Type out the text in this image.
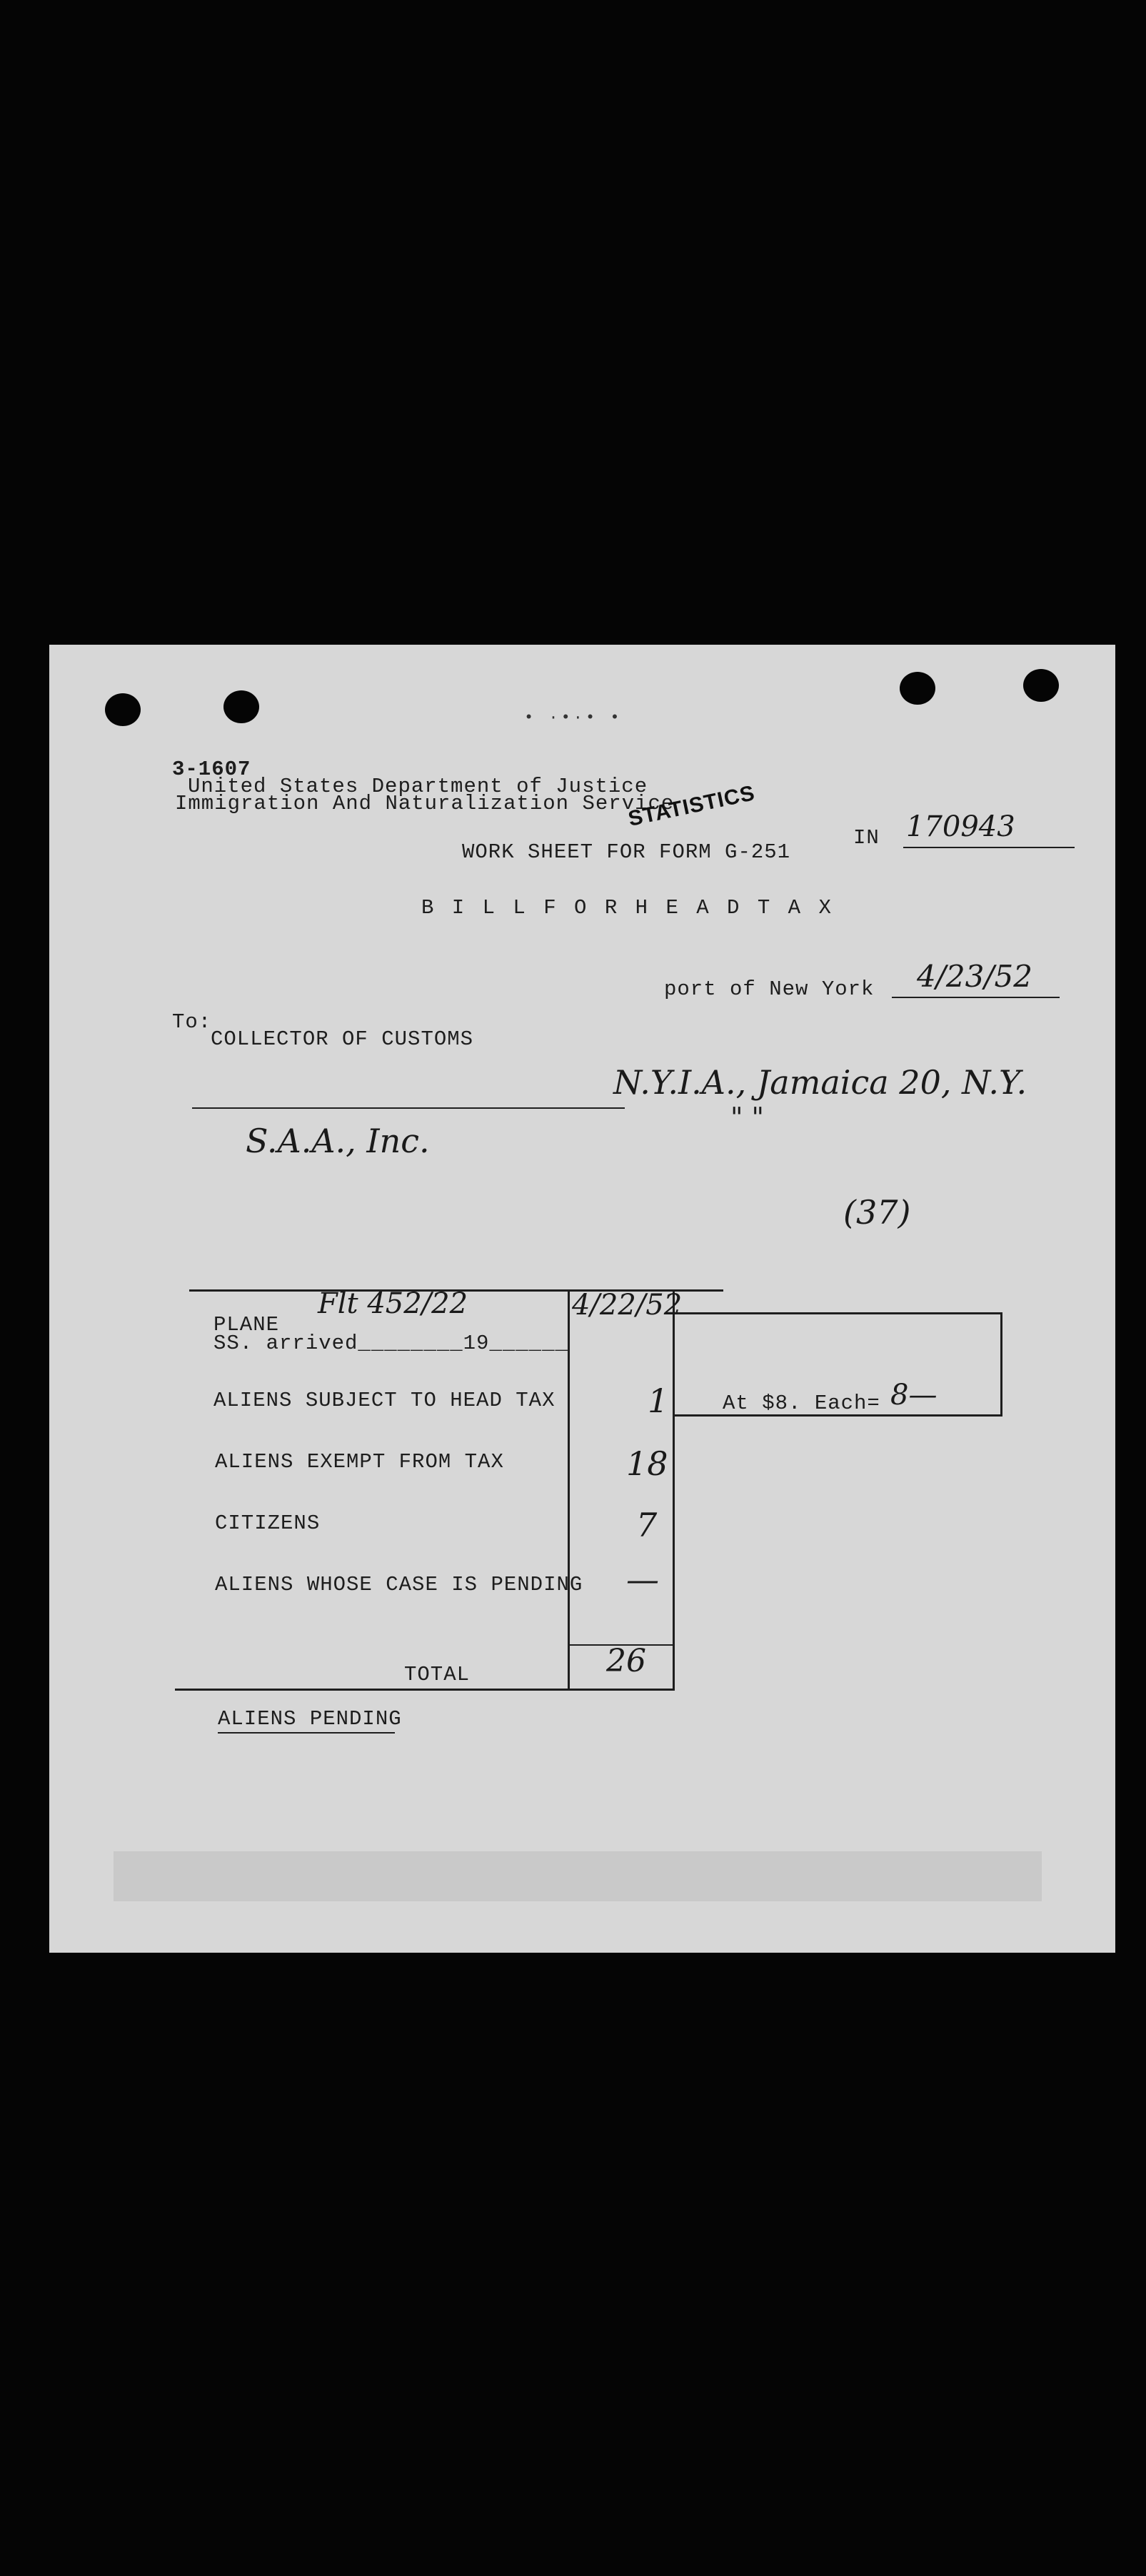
• ·•·• •
3-1607
United States Department of Justice
Immigration And Naturalization Service
STATISTICS
WORK SHEET FOR FORM G-251
IN 170943
B I L L F O R H E A D T A X
port of New York 4/23/52
To:
COLLECTOR OF CUSTOMS
N.Y.I.A., Jamaica 20, N.Y.
" "
S.A.A., Inc.
(37)
PLANE
Flt 452/22
SS. arrived________19______
4/22/52
ALIENS SUBJECT TO HEAD TAX	1
ALIENS EXEMPT FROM TAX	18
CITIZENS	7
ALIENS WHOSE CASE IS PENDING —
TOTAL	26
At $8. Each= 8—
ALIENS PENDING
